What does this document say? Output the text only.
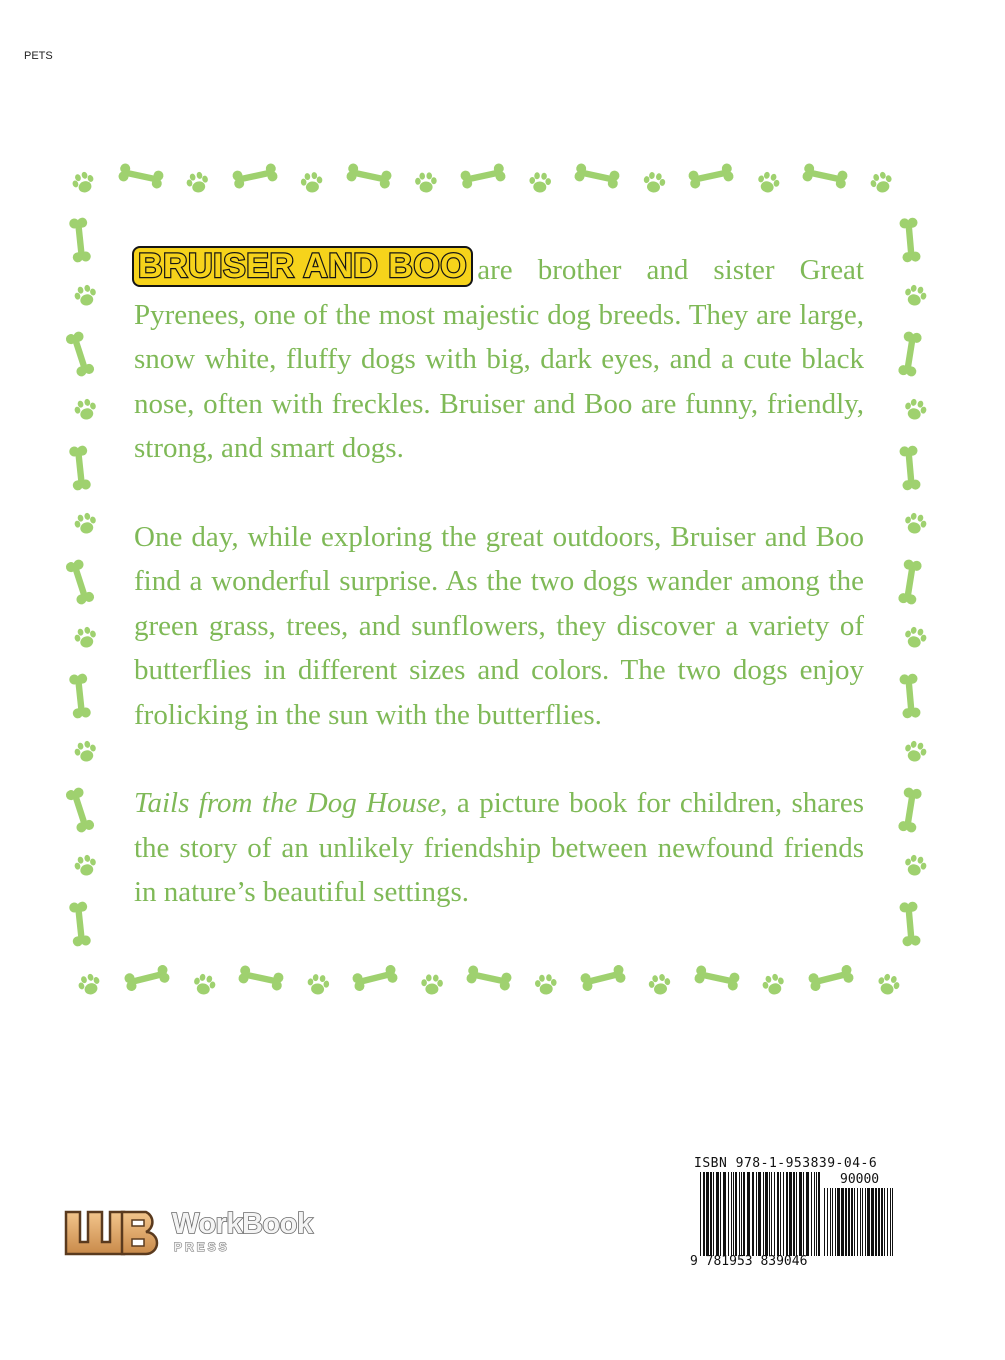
PETS

BRUISER AND BOO are brother and sister Great Pyrenees, one of the most majestic dog breeds. They are large, snow white, fluffy dogs with big, dark eyes, and a cute black nose, often with freckles. Bruiser and Boo are funny, friendly, strong, and smart dogs.

One day, while exploring the great outdoors, Bruiser and Boo find a wonderful surprise. As the two dogs wander among the green grass, trees, and sunflowers, they discover a variety of butterflies in different sizes and colors. The two dogs enjoy frolicking in the sun with the butterflies.

Tails from the Dog House, a picture book for children, shares the story of an unlikely friendship between newfound friends in nature’s beautiful settings.

WorkBook
PRESS
ISBN 978-1-953839-04-6
90000
9 781953 839046
